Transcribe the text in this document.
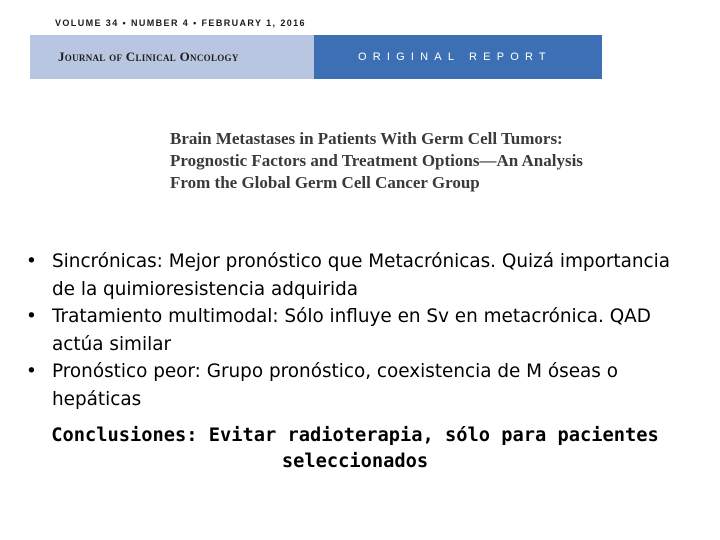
VOLUME 34 • NUMBER 4 • FEBRUARY 1, 2016
Journal of Clinical Oncology	ORIGINAL REPORT
Brain Metastases in Patients With Germ Cell Tumors:
Prognostic Factors and Treatment Options—An Analysis
From the Global Germ Cell Cancer Group
• Sincrónicas: Mejor pronóstico que Metacrónicas. Quizá importancia de la quimioresistencia adquirida
• Tratamiento multimodal: Sólo influye en Sv en metacrónica. QAD actúa similar
• Pronóstico peor: Grupo pronóstico, coexistencia de M óseas o hepáticas
Conclusiones: Evitar radioterapia, sólo para pacientes seleccionados
